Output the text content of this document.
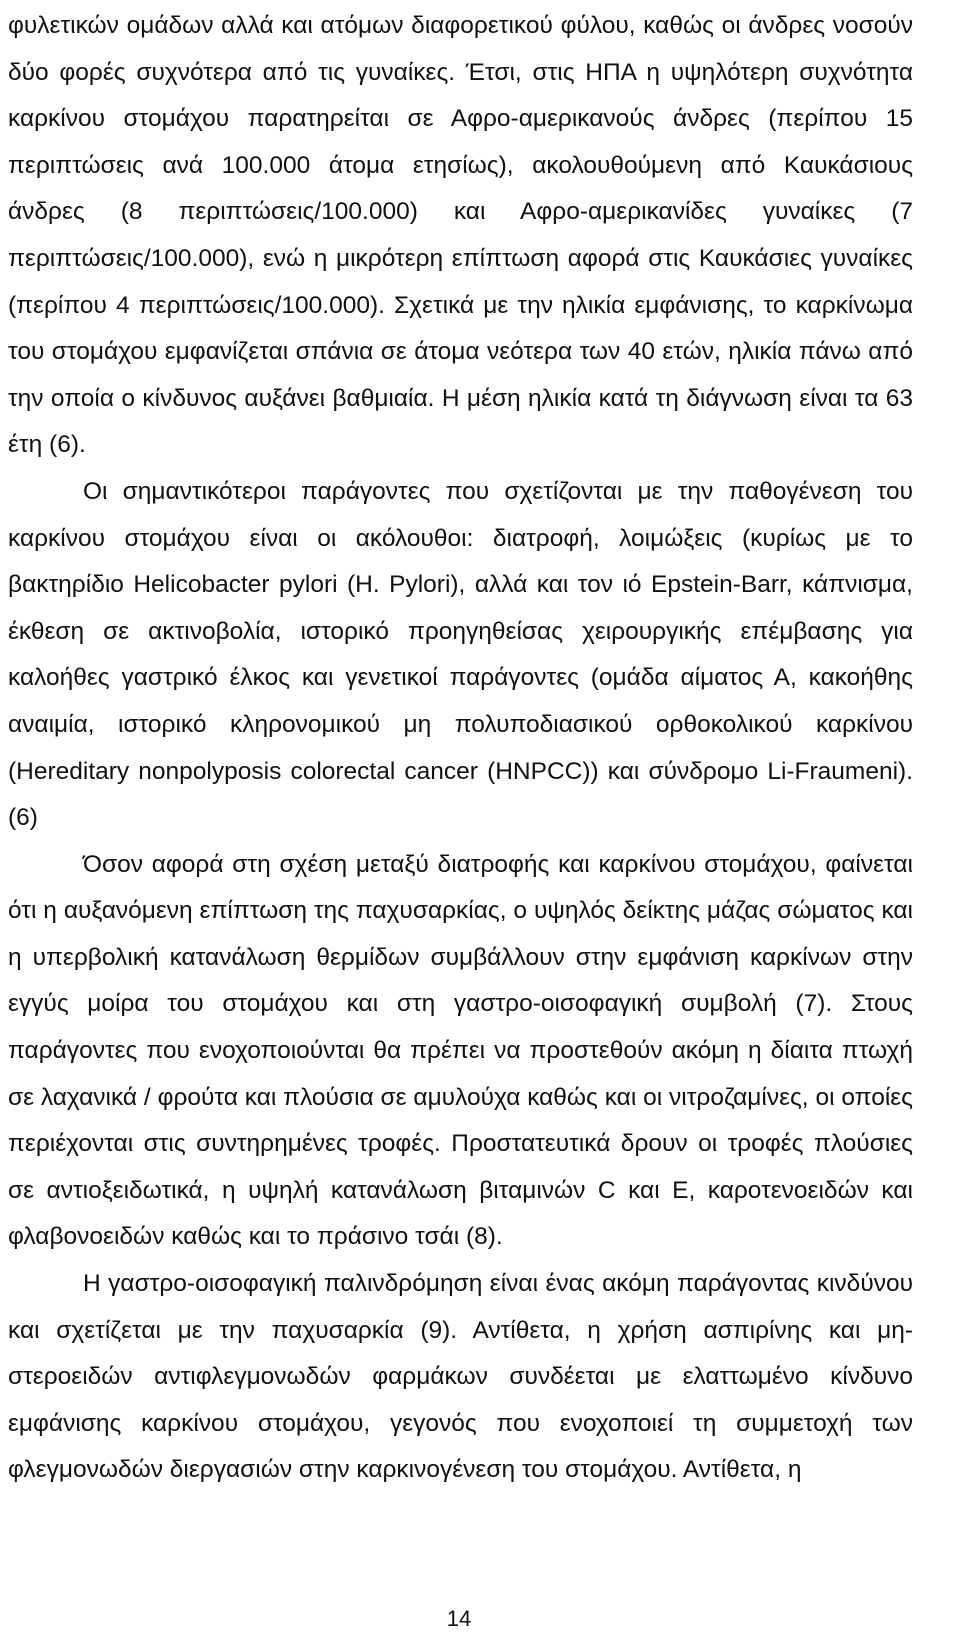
φυλετικών ομάδων αλλά και ατόμων διαφορετικού φύλου, καθώς οι άνδρες νοσούν δύο φορές συχνότερα από τις γυναίκες. Έτσι, στις ΗΠΑ η υψηλότερη συχνότητα καρκίνου στομάχου παρατηρείται σε Αφρο-αμερικανούς άνδρες (περίπου 15 περιπτώσεις ανά 100.000 άτομα ετησίως), ακολουθούμενη από Καυκάσιους άνδρες (8 περιπτώσεις/100.000) και Αφρο-αμερικανίδες γυναίκες (7 περιπτώσεις/100.000), ενώ η μικρότερη επίπτωση αφορά στις Καυκάσιες γυναίκες (περίπου 4 περιπτώσεις/100.000). Σχετικά με την ηλικία εμφάνισης, το καρκίνωμα του στομάχου εμφανίζεται σπάνια σε άτομα νεότερα των 40 ετών, ηλικία πάνω από την οποία ο κίνδυνος αυξάνει βαθμιαία. Η μέση ηλικία κατά τη διάγνωση είναι τα 63 έτη (6).

Οι σημαντικότεροι παράγοντες που σχετίζονται με την παθογένεση του καρκίνου στομάχου είναι οι ακόλουθοι: διατροφή, λοιμώξεις (κυρίως με το βακτηρίδιο Helicobacter pylori (H. Pylori), αλλά και τον ιό Epstein-Barr, κάπνισμα, έκθεση σε ακτινοβολία, ιστορικό προηγηθείσας χειρουργικής επέμβασης για καλοήθες γαστρικό έλκος και γενετικοί παράγοντες (ομάδα αίματος Α, κακοήθης αναιμία, ιστορικό κληρονομικού μη πολυποδιασικού ορθοκολικού καρκίνου (Hereditary nonpolyposis colorectal cancer (HNPCC)) και σύνδρομο Li-Fraumeni). (6)

Όσον αφορά στη σχέση μεταξύ διατροφής και καρκίνου στομάχου, φαίνεται ότι η αυξανόμενη επίπτωση της παχυσαρκίας, ο υψηλός δείκτης μάζας σώματος και η υπερβολική κατανάλωση θερμίδων συμβάλλουν στην εμφάνιση καρκίνων στην εγγύς μοίρα του στομάχου και στη γαστρο-οισοφαγική συμβολή (7). Στους παράγοντες που ενοχοποιούνται θα πρέπει να προστεθούν ακόμη η δίαιτα πτωχή σε λαχανικά / φρούτα και πλούσια σε αμυλούχα καθώς και οι νιτροζαμίνες, οι οποίες περιέχονται στις συντηρημένες τροφές. Προστατευτικά δρουν οι τροφές πλούσιες σε αντιοξειδωτικά, η υψηλή κατανάλωση βιταμινών C και E, καροτενοειδών και φλαβονοειδών καθώς και το πράσινο τσάι (8).

Η γαστρο-οισοφαγική παλινδρόμηση είναι ένας ακόμη παράγοντας κινδύνου και σχετίζεται με την παχυσαρκία (9). Αντίθετα, η χρήση ασπιρίνης και μη-στεροειδών αντιφλεγμονωδών φαρμάκων συνδέεται με ελαττωμένο κίνδυνο εμφάνισης καρκίνου στομάχου, γεγονός που ενοχοποιεί τη συμμετοχή των φλεγμονωδών διεργασιών στην καρκινογένεση του στομάχου. Αντίθετα, η

14
